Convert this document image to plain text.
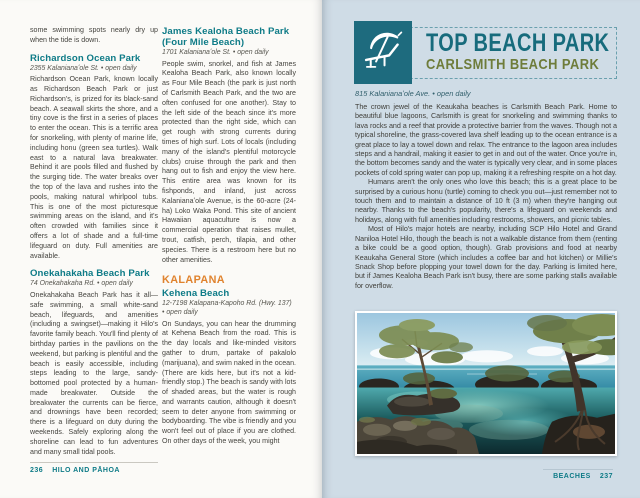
some swimming spots nearly dry up when the tide is down.

Richardson Ocean Park

2355 Kalanianaʻole St. • open daily

Richardson Ocean Park, known locally as Richardson Beach Park or just Richardson's, is prized for its black-sand beach. A seawall skirts the shore, and a tiny cove is the first in a series of places to enter the ocean. This is a terrific area for snorkeling, with plenty of marine life, including honu (green sea turtles). Walk east to a natural lava breakwater. Behind it are pools filled and flushed by the surging tide. The water breaks over the top of the lava and rushes into the pools, making natural whirlpool tubs. This is one of the most picturesque swimming areas on the island, and it's often crowded with families since it offers a lot of shade and a full-time lifeguard on duty. Full amenities are available.

Onekahakaha Beach Park

74 Onekahakaha Rd. • open daily

Onekahakaha Beach Park has it all—safe swimming, a small white-sand beach, lifeguards, and amenities (including a swingset)—making it Hilo's favorite family beach. You'll find plenty of birthday parties in the pavilions on the weekend, but parking is plentiful and the beach is easily accessible, including steps leading to the large, sandy-bottomed pool protected by a human-made breakwater. Outside the breakwater the currents can be fierce, and drownings have been recorded; there is a lifeguard on duty during the weekends. Safely exploring along the shoreline can lead to fun adventures and many small tidal pools.

James Kealoha Beach Park (Four Mile Beach)

1701 Kalanianaʻole St. • open daily

People swim, snorkel, and fish at James Kealoha Beach Park, also known locally as Four Mile Beach (the park is just north of Carlsmith Beach Park, and the two are often confused for one another). Stay to the left side of the beach since it's more protected than the right side, which can get rough with strong currents during times of high surf. Lots of locals (including many of the island's plentiful motorcycle clubs) cruise through the park and then hang out to fish and enjoy the view here. This entire area was known for its fishponds, and inland, just across Kalanianaʻole Avenue, is the 60-acre (24-ha) Loko Waka Pond. This site of ancient Hawaiian aquaculture is now a commercial operation that raises mullet, trout, catfish, perch, tilapia, and other species. There is a restroom here but no other amenities.

KALAPANA
Kehena Beach

12-7198 Kalapana-Kapoho Rd. (Hwy. 137) • open daily

On Sundays, you can hear the drumming at Kehena Beach from the road. This is the day locals and like-minded visitors gather to drum, partake of pakalolo (marijuana), and swim naked in the ocean. (There are kids here, but it's not a kid-friendly stop.) The beach is sandy with lots of shaded areas, but the water is rough and warrants caution, although it doesn't seem to deter anyone from swimming or bodyboarding. The vibe is friendly and you won't feel out of place if you are clothed. On other days of the week, you might

236 HILO AND PĀHOA
TOP BEACH PARK
CARLSMITH BEACH PARK

815 Kalanianaʻole Ave. • open daily

The crown jewel of the Keaukaha beaches is Carlsmith Beach Park. Home to beautiful blue lagoons, Carlsmith is great for snorkeling and swimming thanks to lava rocks and a reef that provide a protective barrier from the waves. Though not a typical shoreline, the grass-covered lava shelf leading up to the ocean entrance is a great place to lay a towel down and relax. The entrance to the lagoon area includes steps and a handrail, making it easier to get in and out of the water. Once you're in, the bottom becomes sandy and the water is typically very clear, and in some places pockets of cold spring water can pop up, making it a refreshing respite on a hot day.

Humans aren't the only ones who love this beach; this is a great place to be surprised by a curious honu (turtle) coming to check you out—just remember not to touch them and to maintain a distance of 10 ft (3 m) when they're hanging out nearby. Thanks to the beach's popularity, there's a lifeguard on weekends and holidays, along with full amenities including restrooms, showers, and picnic tables.

Most of Hilo's major hotels are nearby, including SCP Hilo Hotel and Grand Naniloa Hotel Hilo, though the beach is not a walkable distance from them (renting a bike could be a good option, though). Grab provisions and food at nearby Keaukaha General Store (which includes a coffee bar and hot kitchen) or Millie's Snack Shop before plopping your towel down for the day. Parking is limited here, but if James Kealoha Beach Park isn't busy, there are some parking stalls available for overflow.

BEACHES 237
